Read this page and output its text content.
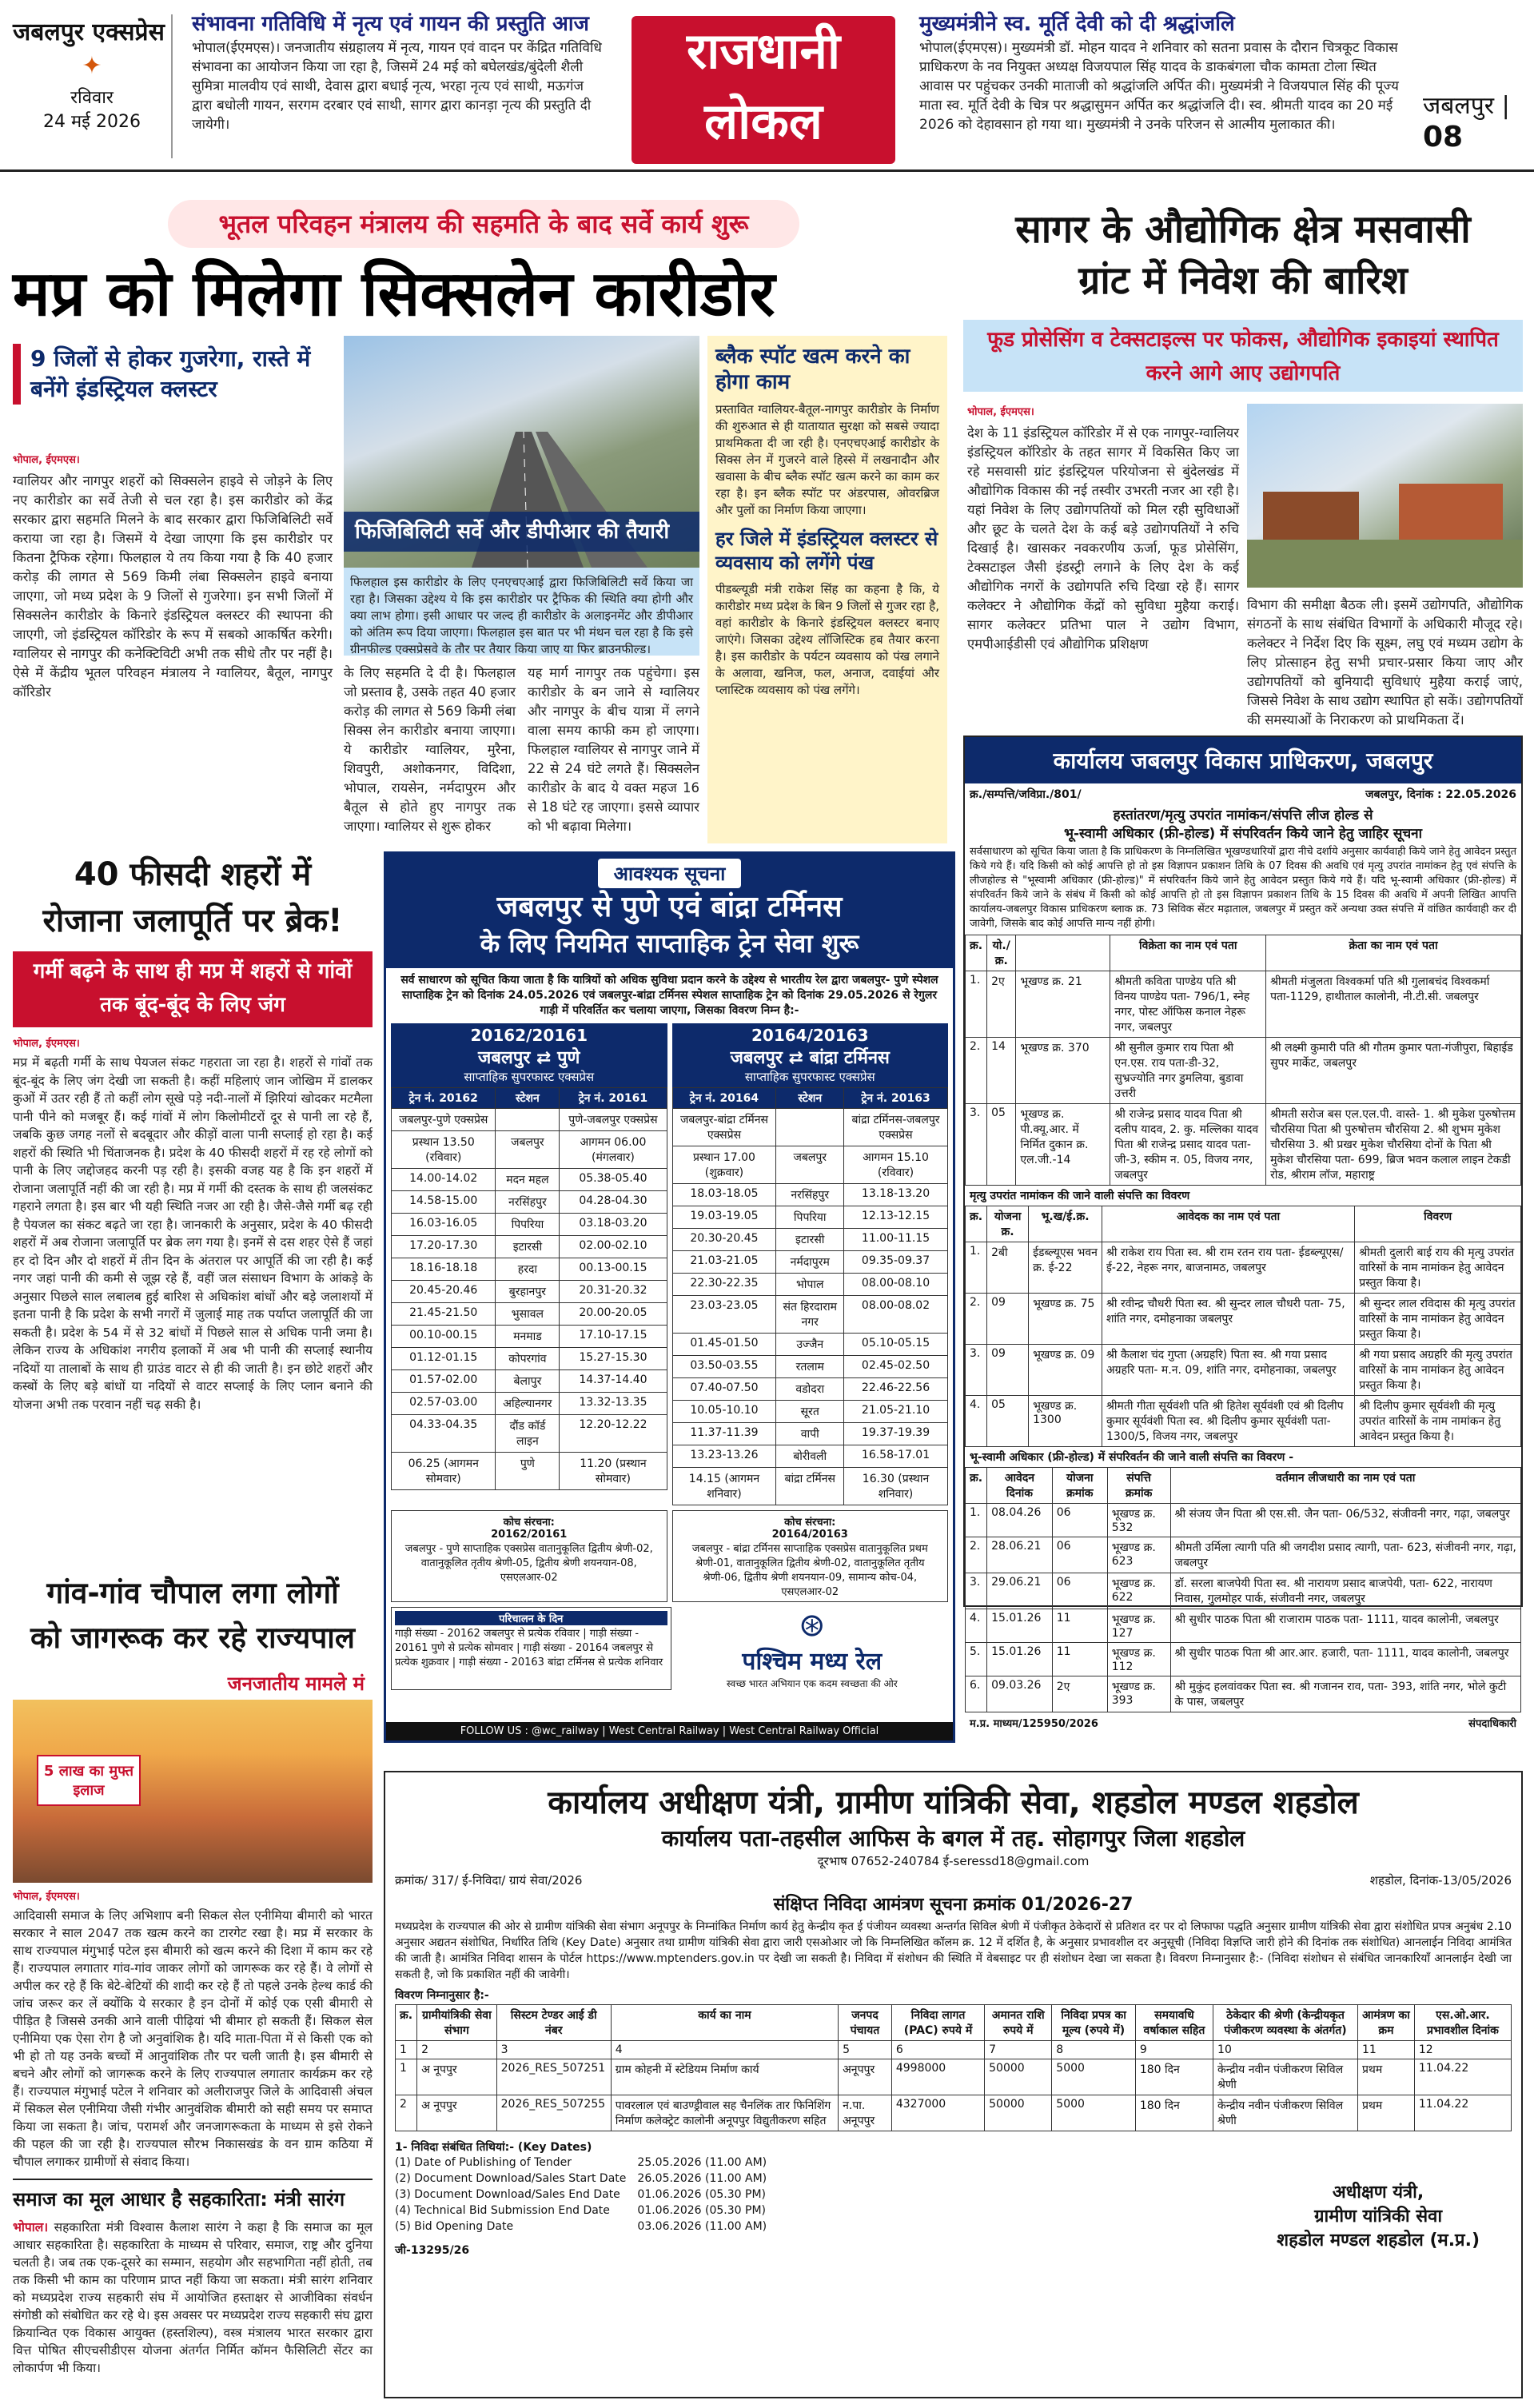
जबलपुर एक्सप्रेस
✦
रविवार
24 मई 2026
संभावना गतिविधि में नृत्य एवं गायन की प्रस्तुति आज
भोपाल(ईएमएस)। जनजातीय संग्रहालय में नृत्य, गायन एवं वादन पर केंद्रित गतिविधि संभावना का आयोजन किया जा रहा है, जिसमें 24 मई को बघेलखंड/बुंदेली शैली सुमित्रा मालवीय एवं साथी, देवास द्वारा बधाई नृत्य, भरहा नृत्य एवं साथी, मऊगंज द्वारा बधोली गायन, सरगम दरबार एवं साथी, सागर द्वारा कानड़ा नृत्य की प्रस्तुति दी जायेगी।
राजधानी
लोकल
मुख्यमंत्रीने स्व. मूर्ति देवी को दी श्रद्धांजलि
भोपाल(ईएमएस)। मुख्यमंत्री डॉ. मोहन यादव ने शनिवार को सतना प्रवास के दौरान चित्रकूट विकास प्राधिकरण के नव नियुक्त अध्यक्ष विजयपाल सिंह यादव के डाकबंगला चौक कामता टोला स्थित आवास पर पहुंचकर उनकी माताजी को श्रद्धांजलि अर्पित की। मुख्यमंत्री ने विजयपाल सिंह की पूज्य माता स्व. मूर्ति देवी के चित्र पर श्रद्धासुमन अर्पित कर श्रद्धांजलि दी। स्व. श्रीमती यादव का 20 मई 2026 को देहावसान हो गया था। मुख्यमंत्री ने उनके परिजन से आत्मीय मुलाकात की।
जबलपुर | 08
भूतल परिवहन मंत्रालय की सहमति के बाद सर्वे कार्य शुरू
मप्र को मिलेगा सिक्सलेन कारीडोर
9 जिलों से होकर गुजरेगा, रास्ते में बनेंगे इंडस्ट्रियल क्लस्टर
भोपाल, ईएमएस।
ग्वालियर और नागपुर शहरों को सिक्सलेन हाइवे से जोड़ने के लिए नए कारीडोर का सर्वे तेजी से चल रहा है। इस कारीडोर को केंद्र सरकार द्वारा सहमति मिलने के बाद सरकार द्वारा फिजिबिलिटी सर्वे कराया जा रहा है। जिसमें ये देखा जाएगा कि इस कारीडोर पर कितना ट्रैफिक रहेगा। फिलहाल ये तय किया गया है कि 40 हजार करोड़ की लागत से 569 किमी लंबा सिक्सलेन हाइवे बनाया जाएगा, जो मध्य प्रदेश के 9 जिलों से गुजरेगा। इन सभी जिलों में सिक्सलेन कारीडोर के किनारे इंडस्ट्रियल क्लस्टर की स्थापना की जाएगी, जो इंडस्ट्रियल कॉरिडोर के रूप में सबको आकर्षित करेगी। ग्वालियर से नागपुर की कनेक्टिविटी अभी तक सीधे तौर पर नहीं है। ऐसे में केंद्रीय भूतल परिवहन मंत्रालय ने ग्वालियर, बैतूल, नागपुर कॉरिडोर
फिजिबिलिटी सर्वे और डीपीआर की तैयारी
फिलहाल इस कारीडोर के लिए एनएचएआई द्वारा फिजिबिलिटी सर्वे किया जा रहा है। जिसका उद्देश्य ये कि इस कारीडोर पर ट्रैफिक की स्थिति क्या होगी और क्या लाभ होगा। इसी आधार पर जल्द ही कारीडोर के अलाइनमेंट और डीपीआर को अंतिम रूप दिया जाएगा। फिलहाल इस बात पर भी मंथन चल रहा है कि इसे ग्रीनफील्ड एक्सप्रेसवे के तौर पर तैयार किया जाए या फिर ब्राउनफील्ड।
के लिए सहमति दे दी है। फिलहाल जो प्रस्ताव है, उसके तहत 40 हजार करोड़ की लागत से 569 किमी लंबा सिक्स लेन कारीडोर बनाया जाएगा। ये कारीडोर ग्वालियर, मुरैना, शिवपुरी, अशोकनगर, विदिशा, भोपाल, रायसेन, नर्मदापुरम और बैतूल से होते हुए नागपुर तक जाएगा। ग्वालियर से शुरू होकर
यह मार्ग नागपुर तक पहुंचेगा। इस कारीडोर के बन जाने से ग्वालियर और नागपुर के बीच यात्रा में लगने वाला समय काफी कम हो जाएगा। फिलहाल ग्वालियर से नागपुर जाने में 22 से 24 घंटे लगते हैं। सिक्सलेन कारीडोर के बाद ये वक्त महज 16 से 18 घंटे रह जाएगा। इससे व्यापार को भी बढ़ावा मिलेगा।
ब्लैक स्पॉट खत्म करने का होगा काम
प्रस्तावित ग्वालियर-बैतूल-नागपुर कारीडोर के निर्माण की शुरुआत से ही यातायात सुरक्षा को सबसे ज्यादा प्राथमिकता दी जा रही है। एनएचएआई कारीडोर के सिक्स लेन में गुजरने वाले हिस्से में लखनादौन और खवासा के बीच ब्लैक स्पॉट खत्म करने का काम कर रहा है। इन ब्लैक स्पॉट पर अंडरपास, ओवरब्रिज और पुलों का निर्माण किया जाएगा।
हर जिले में इंडस्ट्रियल क्लस्टर से व्यवसाय को लगेंगे पंख
पीडब्ल्यूडी मंत्री राकेश सिंह का कहना है कि, ये कारीडोर मध्य प्रदेश के बिन 9 जिलों से गुजर रहा है, वहां कारीडोर के किनारे इंडस्ट्रियल क्लस्टर बनाए जाएंगे। जिसका उद्देश्य लॉजिस्टिक हब तैयार करना है। इस कारीडोर के पर्यटन व्यवसाय को पंख लगाने के अलावा, खनिज, फल, अनाज, दवाईयां और प्लास्टिक व्यवसाय को पंख लगेंगे।
सागर के औद्योगिक क्षेत्र मसवासी
ग्रांट में निवेश की बारिश
फूड प्रोसेसिंग व टेक्सटाइल्स पर फोकस, औद्योगिक इकाइयां स्थापित करने आगे आए उद्योगपति
भोपाल, ईएमएस।
देश के 11 इंडस्ट्रियल कॉरिडोर में से एक नागपुर-ग्वालियर इंडस्ट्रियल कॉरिडोर के तहत सागर में विकसित किए जा रहे मसवासी ग्रांट इंडस्ट्रियल परियोजना से बुंदेलखंड में औद्योगिक विकास की नई तस्वीर उभरती नजर आ रही है। यहां निवेश के लिए उद्योगपतियों को मिल रही सुविधाओं और छूट के चलते देश के कई बड़े उद्योगपतियों ने रुचि दिखाई है। खासकर नवकरणीय ऊर्जा, फूड प्रोसेसिंग, टेक्सटाइल जैसी इंडस्ट्री लगाने के लिए देश के कई औद्योगिक नगरों के उद्योगपति रुचि दिखा रहे हैं। सागर कलेक्टर ने औद्योगिक केंद्रों को सुविधा मुहैया कराई। सागर कलेक्टर प्रतिभा पाल ने उद्योग विभाग, एमपीआईडीसी एवं औद्योगिक प्रशिक्षण
विभाग की समीक्षा बैठक ली। इसमें उद्योगपति, औद्योगिक संगठनों के साथ संबंधित विभागों के अधिकारी मौजूद रहे। कलेक्टर ने निर्देश दिए कि सूक्ष्म, लघु एवं मध्यम उद्योग के लिए प्रोत्साहन हेतु सभी प्रचार-प्रसार किया जाए और उद्योगपतियों को बुनियादी सुविधाएं मुहैया कराई जाएं, जिससे निवेश के साथ उद्योग स्थापित हो सकें। उद्योगपतियों की समस्याओं के निराकरण को प्राथमिकता दें।
कार्यालय जबलपुर विकास प्राधिकरण, जबलपुर
क्र./सम्पत्ति/जविप्रा./801/	जबलपुर, दिनांक : 22.05.2026
हस्तांतरण/मृत्यु उपरांत नामांकन/संपत्ति लीज होल्ड से
भू-स्वामी अधिकार (फ्री-होल्ड) में संपरिवर्तन किये जाने हेतु जाहिर सूचना
सर्वसाधारण को सूचित किया जाता है कि प्राधिकरण के निम्नलिखित भूखण्डधारियों द्वारा नीचे दर्शाये अनुसार कार्यवाही किये जाने हेतु आवेदन प्रस्तुत किये गये हैं। यदि किसी को कोई आपत्ति हो तो इस विज्ञापन प्रकाशन तिथि के 07 दिवस की अवधि एवं मृत्यु उपरांत नामांकन हेतु एवं संपत्ति के लीजहोल्ड से "भूस्वामी अधिकार (फ्री-होल्ड)" में संपरिवर्तन किये जाने हेतु आवेदन प्रस्तुत किये गये हैं। यदि भू-स्वामी अधिकार (फ्री-होल्ड) में संपरिवर्तन किये जाने के संबंध में किसी को कोई आपत्ति हो तो इस विज्ञापन प्रकाशन तिथि के 15 दिवस की अवधि में अपनी लिखित आपत्ति कार्यालय-जबलपुर विकास प्राधिकरण ब्लाक क्र. 73 सिविक सेंटर मढ़ाताल, जबलपुर में प्रस्तुत करें अन्यथा उक्त संपत्ति में वांछित कार्यवाही कर दी जावेगी, जिसके बाद कोई आपत्ति मान्य नहीं होगी।
क्र.	यो./क्र.		विक्रेता का नाम एवं पता	क्रेता का नाम एवं पता
1.	2ए	भूखण्ड क्र. 21	श्रीमती कविता पाण्डेय पति श्री विनय पाण्डेय पता- 796/1, स्नेह नगर, पोस्ट ऑफिस कनाल नेहरू नगर, जबलपुर	श्रीमती मंजुलता विश्वकर्मा पति श्री गुलाबचंद विश्वकर्मा पता-1129, हाथीताल कालोनी, नी.टी.सी. जबलपुर
2.	14	भूखण्ड क्र. 370	श्री सुनील कुमार राय पिता श्री एन.एस. राय पता-डी-32, सुभ्रज्योति नगर डुमलिया, बुडावा उत्तरी	श्री लक्ष्मी कुमारी पति श्री गौतम कुमार पता-गंजीपुरा, बिहाईड सुपर मार्केट, जबलपुर
3.	05	भूखण्ड क्र. पी.क्यू.आर. में निर्मित दुकान क्र. एल.जी.-14	श्री राजेन्द्र प्रसाद यादव पिता श्री दलीप यादव, 2. कु. मल्लिका यादव पिता श्री राजेन्द्र प्रसाद यादव पता-जी-3, स्कीम न. 05, विजय नगर, जबलपुर	श्रीमती सरोज बस एल.एल.पी. वास्ते- 1. श्री मुकेश पुरुषोत्तम चौरसिया पिता श्री पुरुषोत्तम चौरसिया 2. श्री शुभम मुकेश चौरसिया 3. श्री प्रखर मुकेश चौरसिया दोनों के पिता श्री मुकेश चौरसिया पता- 699, ब्रिज भवन कलाल लाइन टेकडी रोड, श्रीराम लॉज, महाराष्ट्र
मृत्यु उपरांत नामांकन की जाने वाली संपत्ति का विवरण
क्र.	योजना क्र.	भू.ख/ई.क्र.	आवेदक का नाम एवं पता	विवरण
1.	2बी	ईडब्ल्यूएस भवन क्र. ई-22	श्री राकेश राय पिता स्व. श्री राम रतन राय पता- ईडब्ल्यूएस/ई-22, नेहरू नगर, बाजनामठ, जबलपुर	श्रीमती दुलारी बाई राय की मृत्यु उपरांत वारिसों के नाम नामांकन हेतु आवेदन प्रस्तुत किया है।
2.	09	भूखण्ड क्र. 75	श्री रवीन्द्र चौधरी पिता स्व. श्री सुन्दर लाल चौधरी पता- 75, शांति नगर, दमोहनाका जबलपुर	श्री सुन्दर लाल रविदास की मृत्यु उपरांत वारिसों के नाम नामांकन हेतु आवेदन प्रस्तुत किया है।
3.	09	भूखण्ड क्र. 09	श्री कैलाश चंद गुप्ता (अग्रहरि) पिता स्व. श्री गया प्रसाद अग्रहरि पता- म.न. 09, शांति नगर, दमोहनाका, जबलपुर	श्री गया प्रसाद अग्रहरि की मृत्यु उपरांत वारिसों के नाम नामांकन हेतु आवेदन प्रस्तुत किया है।
4.	05	भूखण्ड क्र. 1300	श्रीमती गीता सूर्यवंशी पति श्री हितेश सूर्यवंशी एवं श्री दिलीप कुमार सूर्यवंशी पिता स्व. श्री दिलीप कुमार सूर्यवंशी पता- 1300/5, विजय नगर, जबलपुर	श्री दिलीप कुमार सूर्यवंशी की मृत्यु उपरांत वारिसों के नाम नामांकन हेतु आवेदन प्रस्तुत किया है।
भू-स्वामी अधिकार (फ्री-होल्ड) में संपरिवर्तन की जाने वाली संपत्ति का विवरण -
क्र.	आवेदन दिनांक	योजना क्रमांक	संपत्ति क्रमांक	वर्तमान लीजधारी का नाम एवं पता
1.	08.04.26	06	भूखण्ड क्र. 532	श्री संजय जैन पिता श्री एस.सी. जैन पता- 06/532, संजीवनी नगर, गढ़ा, जबलपुर
2.	28.06.21	06	भूखण्ड क्र. 623	श्रीमती उर्मिला त्यागी पति श्री जगदीश प्रसाद त्यागी, पता- 623, संजीवनी नगर, गढ़ा, जबलपुर
3.	29.06.21	06	भूखण्ड क्र. 622	डॉ. सरला बाजपेयी पिता स्व. श्री नारायण प्रसाद बाजपेयी, पता- 622, नारायण निवास, गुलमोहर पार्क, संजीवनी नगर, जबलपुर
4.	15.01.26	11	भूखण्ड क्र. 127	श्री सुधीर पाठक पिता श्री राजाराम पाठक पता- 1111, यादव कालोनी, जबलपुर
5.	15.01.26	11	भूखण्ड क्र. 112	श्री सुधीर पाठक पिता श्री आर.आर. हजारी, पता- 1111, यादव कालोनी, जबलपुर
6.	09.03.26	2ए	भूखण्ड क्र. 393	श्री मुकुंद हलवांवकर पिता स्व. श्री गजानन राव, पता- 393, शांति नगर, भोले कुटी के पास, जबलपुर
म.प्र. माध्यम/125950/2026	संपदाधिकारी
40 फीसदी शहरों में
रोजाना जलापूर्ति पर ब्रेक!
गर्मी बढ़ने के साथ ही मप्र में शहरों से गांवों तक बूंद-बूंद के लिए जंग
भोपाल, ईएमएस।
मप्र में बढ़ती गर्मी के साथ पेयजल संकट गहराता जा रहा है। शहरों से गांवों तक बूंद-बूंद के लिए जंग देखी जा सकती है। कहीं महिलाएं जान जोखिम में डालकर कुओं में उतर रही हैं तो कहीं लोग सूखे पड़े नदी-नालों में झिरियां खोदकर मटमैला पानी पीने को मजबूर हैं। कई गांवों में लोग किलोमीटरों दूर से पानी ला रहे हैं, जबकि कुछ जगह नलों से बदबूदार और कीड़ों वाला पानी सप्लाई हो रहा है। कई शहरों की स्थिति भी चिंताजनक है। प्रदेश के 40 फीसदी शहरों में रह रहे लोगों को पानी के लिए जद्दोजहद करनी पड़ रही है। इसकी वजह यह है कि इन शहरों में रोजाना जलापूर्ति नहीं की जा रही है। मप्र में गर्मी की दस्तक के साथ ही जलसंकट गहराने लगता है। इस बार भी यही स्थिति नजर आ रही है। जैसे-जैसे गर्मी बढ़ रही है पेयजल का संकट बढ़ते जा रहा है। जानकारी के अनुसार, प्रदेश के 40 फीसदी शहरों में अब रोजाना जलापूर्ति पर ब्रेक लग गया है। इनमें से दस शहर ऐसे हैं जहां हर दो दिन और दो शहरों में तीन दिन के अंतराल पर आपूर्ति की जा रही है। कई नगर जहां पानी की कमी से जूझ रहे हैं, वहीं जल संसाधन विभाग के आंकड़े के अनुसार पिछले साल लबालब हुई बारिश से अधिकांश बांधों और बड़े जलाशयों में इतना पानी है कि प्रदेश के सभी नगरों में जुलाई माह तक पर्याप्त जलापूर्ति की जा सकती है। प्रदेश के 54 में से 32 बांधों में पिछले साल से अधिक पानी जमा है। लेकिन राज्य के अधिकांश नगरीय इलाकों में अब भी पानी की सप्लाई स्थानीय नदियों या तालाबों के साथ ही ग्राउंड वाटर से ही की जाती है। इन छोटे शहरों और कस्बों के लिए बड़े बांधों या नदियों से वाटर सप्लाई के लिए प्लान बनाने की योजना अभी तक परवान नहीं चढ़ सकी है।
गांव-गांव चौपाल लगा लोगों
को जागरूक कर रहे राज्यपाल
जनजातीय मामले मं
5 लाख का मुफ्त इलाज
भोपाल, ईएमएस।
आदिवासी समाज के लिए अभिशाप बनी सिकल सेल एनीमिया बीमारी को भारत सरकार ने साल 2047 तक खत्म करने का टारगेट रखा है। मप्र में सरकार के साथ राज्यपाल मंगुभाई पटेल इस बीमारी को खत्म करने की दिशा में काम कर रहे हैं। राज्यपाल लगातार गांव-गांव जाकर लोगों को जागरूक कर रहे हैं। वे लोगों से अपील कर रहे हैं कि बेटे-बेटियों की शादी कर रहे हैं तो पहले उनके हेल्थ कार्ड की जांच जरूर कर लें क्योंकि ये सरकार है इन दोनों में कोई एक एसी बीमारी से पीड़ित है जिससे उनकी आने वाली पीढ़ियां भी बीमार हो सकती हैं। सिकल सेल एनीमिया एक ऐसा रोग है जो अनुवांशिक है। यदि माता-पिता में से किसी एक को भी हो तो यह उनके बच्चों में आनुवांशिक तौर पर चली जाती है। इस बीमारी से बचने और लोगों को जागरूक करने के लिए राज्यपाल लगातार कार्यक्रम कर रहे हैं। राज्यपाल मंगुभाई पटेल ने शनिवार को अलीराजपुर जिले के आदिवासी अंचल में सिकल सेल एनीमिया जैसी गंभीर आनुवंशिक बीमारी को सही समय पर समाप्त किया जा सकता है। जांच, परामर्श और जनजागरूकता के माध्यम से इसे रोकने की पहल की जा रही है। राज्यपाल सौरभ निकासखंड के वन ग्राम कठिया में चौपाल लगाकर ग्रामीणों से संवाद किया।
समाज का मूल आधार है सहकारिता: मंत्री सारंग
भोपाल। सहकारिता मंत्री विश्वास कैलाश सारंग ने कहा है कि समाज का मूल आधार सहकारिता है। सहकारिता के माध्यम से परिवार, समाज, राष्ट्र और दुनिया चलती है। जब तक एक-दूसरे का सम्मान, सहयोग और सहभागिता नहीं होती, तब तक किसी भी काम का परिणाम प्राप्त नहीं किया जा सकता। मंत्री सारंग शनिवार को मध्यप्रदेश राज्य सहकारी संघ में आयोजित हस्ताक्षर से आजीविका संवर्धन संगोष्ठी को संबोधित कर रहे थे। इस अवसर पर मध्यप्रदेश राज्य सहकारी संघ द्वारा क्रियान्वित एक विकास आयुक्त (हस्तशिल्प), वस्त्र मंत्रालय भारत सरकार द्वारा वित्त पोषित सीएचसीडीएस योजना अंतर्गत निर्मित कॉमन फैसिलिटी सेंटर का लोकार्पण भी किया।
आवश्यक सूचना
जबलपुर से पुणे एवं बांद्रा टर्मिनस
के लिए नियमित साप्ताहिक ट्रेन सेवा शुरू
सर्व साधारण को सूचित किया जाता है कि यात्रियों को अधिक सुविधा प्रदान करने के उद्देश्य से भारतीय रेल द्वारा जबलपुर- पुणे स्पेशल साप्ताहिक ट्रेन को दिनांक 24.05.2026 एवं जबलपुर-बांद्रा टर्मिनस स्पेशल साप्ताहिक ट्रेन को दिनांक 29.05.2026 से रेगुलर गाड़ी में परिवर्तित कर चलाया जाएगा, जिसका विवरण निम्न है:-
20162/20161
जबलपुर ⇄ पुणे
साप्ताहिक सुपरफास्ट एक्सप्रेस
ट्रेन नं. 20162	स्टेशन	ट्रेन नं. 20161
जबलपुर-पुणे एक्सप्रेस		पुणे-जबलपुर एक्सप्रेस
प्रस्थान 13.50 (रविवार)	जबलपुर	आगमन 06.00 (मंगलवार)
14.00-14.02	मदन महल	05.38-05.40
14.58-15.00	नरसिंहपुर	04.28-04.30
16.03-16.05	पिपरिया	03.18-03.20
17.20-17.30	इटारसी	02.00-02.10
18.16-18.18	हरदा	00.13-00.15
20.45-20.46	बुरहानपुर	20.31-20.32
21.45-21.50	भुसावल	20.00-20.05
00.10-00.15	मनमाड	17.10-17.15
01.12-01.15	कोपरगांव	15.27-15.30
01.57-02.00	बेलापुर	14.37-14.40
02.57-03.00	अहिल्यानगर	13.32-13.35
04.33-04.35	दौंड कॉर्ड लाइन	12.20-12.22
06.25 (आगमन सोमवार)	पुणे	11.20 (प्रस्थान सोमवार)
20164/20163
जबलपुर ⇄ बांद्रा टर्मिनस
साप्ताहिक सुपरफास्ट एक्सप्रेस
ट्रेन नं. 20164	स्टेशन	ट्रेन नं. 20163
जबलपुर-बांद्रा टर्मिनस एक्सप्रेस		बांद्रा टर्मिनस-जबलपुर एक्सप्रेस
प्रस्थान 17.00 (शुक्रवार)	जबलपुर	आगमन 15.10 (रविवार)
18.03-18.05	नरसिंहपुर	13.18-13.20
19.03-19.05	पिपरिया	12.13-12.15
20.30-20.45	इटारसी	11.00-11.15
21.03-21.05	नर्मदापुरम	09.35-09.37
22.30-22.35	भोपाल	08.00-08.10
23.03-23.05	संत हिरदाराम नगर	08.00-08.02
01.45-01.50	उज्जैन	05.10-05.15
03.50-03.55	रतलाम	02.45-02.50
07.40-07.50	वडोदरा	22.46-22.56
10.05-10.10	सूरत	21.05-21.10
11.37-11.39	वापी	19.37-19.39
13.23-13.26	बोरीवली	16.58-17.01
14.15 (आगमन शनिवार)	बांद्रा टर्मिनस	16.30 (प्रस्थान शनिवार)
कोच संरचना:
20162/20161
जबलपुर - पुणे साप्ताहिक एक्सप्रेस वातानुकूलित द्वितीय श्रेणी-02, वातानुकूलित तृतीय श्रेणी-05, द्वितीय श्रेणी शयनयान-08, एसएलआर-02
कोच संरचना:
20164/20163
जबलपुर - बांद्रा टर्मिनस साप्ताहिक एक्सप्रेस वातानुकूलित प्रथम श्रेणी-01, वातानुकूलित द्वितीय श्रेणी-02, वातानुकूलित तृतीय श्रेणी-06, द्वितीय श्रेणी शयनयान-09, सामान्य कोच-04, एसएलआर-02
परिचालन के दिन
गाड़ी संख्या - 20162 जबलपुर से प्रत्येक रविवार | गाड़ी संख्या - 20161 पुणे से प्रत्येक सोमवार | गाड़ी संख्या - 20164 जबलपुर से प्रत्येक शुक्रवार | गाड़ी संख्या - 20163 बांद्रा टर्मिनस से प्रत्येक शनिवार
⊛
पश्चिम मध्य रेल
स्वच्छ भारत अभियान एक कदम स्वच्छता की ओर
FOLLOW US : @wc_railway | West Central Railway | West Central Railway Official
कार्यालय अधीक्षण यंत्री, ग्रामीण यांत्रिकी सेवा, शहडोल मण्डल शहडोल
कार्यालय पता-तहसील आफिस के बगल में तह. सोहागपुर जिला शहडोल
दूरभाष 07652-240784 ई-seressd18@gmail.com
क्रमांक/ 317/ ई-निविदा/ ग्रायं सेवा/2026	शहडोल, दिनांक-13/05/2026
संक्षिप्त निविदा आमंत्रण सूचना क्रमांक 01/2026-27
मध्यप्रदेश के राज्यपाल की ओर से ग्रामीण यांत्रिकी सेवा संभाग अनूपपुर के निम्नांकित निर्माण कार्य हेतु केन्द्रीय कृत ई पंजीयन व्यवस्था अन्तर्गत सिविल श्रेणी में पंजीकृत ठेकेदारों से प्रतिशत दर पर दो लिफाफा पद्धति अनुसार ग्रामीण यांत्रिकी सेवा द्वारा संशोधित प्रपत्र अनुबंध 2.10 अनुसार अद्यतन संशोधित, निर्धारित तिथि (Key Date) अनुसार तथा ग्रामीण यांत्रिकी सेवा द्वारा जारी एसओआर जो कि निम्नलिखित कॉलम क्र. 12 में दर्शित है, के अनुसार प्रभावशील दर अनुसूची (निविदा विज्ञप्ति जारी होने की दिनांक तक संशोधित) आनलाईन निविदा आमंत्रित की जाती है। आमंत्रित निविदा शासन के पोर्टल https://www.mptenders.gov.in पर देखी जा सकती है। निविदा में संशोधन की स्थिति में वेबसाइट पर ही संशोधन देखा जा सकता है। विवरण निम्नानुसार है:- (निविदा संशोधन से संबंधित जानकारियाँ आनलाईन देखी जा सकती है, जो कि प्रकाशित नहीं की जावेगी।
विवरण निम्नानुसार है:-
क्र.	ग्रामीयांत्रिकी सेवा संभाग	सिस्टम टेण्डर आई डी नंबर	कार्य का नाम	जनपद पंचायत	निविदा लागत (PAC) रुपये में	अमानत राशि रुपये में	निविदा प्रपत्र का मूल्य (रुपये में)	समयावधि वर्षाकाल सहित	ठेकेदार की श्रेणी (केन्द्रीयकृत पंजीकरण व्यवस्था के अंतर्गत)	आमंत्रण का क्रम	एस.ओ.आर. प्रभावशील दिनांक
1	2	3	4	5	6	7	8	9	10	11	12
1	अ नूपपुर	2026_RES_507251	ग्राम कोहनी में स्टेडियम निर्माण कार्य	अनूपपुर	4998000	50000	5000	180 दिन	केन्द्रीय नवीन पंजीकरण सिविल श्रेणी	प्रथम	11.04.22
2	अ नूपपुर	2026_RES_507255	पावरलाल एवं बाउण्ड्रीवाल सह चैनलिंक तार फिनिशिंग निर्माण कलेक्ट्रेट कालोनी अनूपपुर विद्युतीकरण सहित	न.पा. अनूपपुर	4327000	50000	5000	180 दिन	केन्द्रीय नवीन पंजीकरण सिविल श्रेणी	प्रथम	11.04.22
1- निविदा संबंधित तिथियां:- (Key Dates)
(1) Date of Publishing of Tender	25.05.2026 (11.00 AM)
(2) Document Download/Sales Start Date	26.05.2026 (11.00 AM)
(3) Document Download/Sales End Date	01.06.2026 (05.30 PM)
(4) Technical Bid Submission End Date	01.06.2026 (05.30 PM)
(5) Bid Opening Date	03.06.2026 (11.00 AM)
जी-13295/26
अधीक्षण यंत्री,
ग्रामीण यांत्रिकी सेवा
शहडोल मण्डल शहडोल (म.प्र.)
